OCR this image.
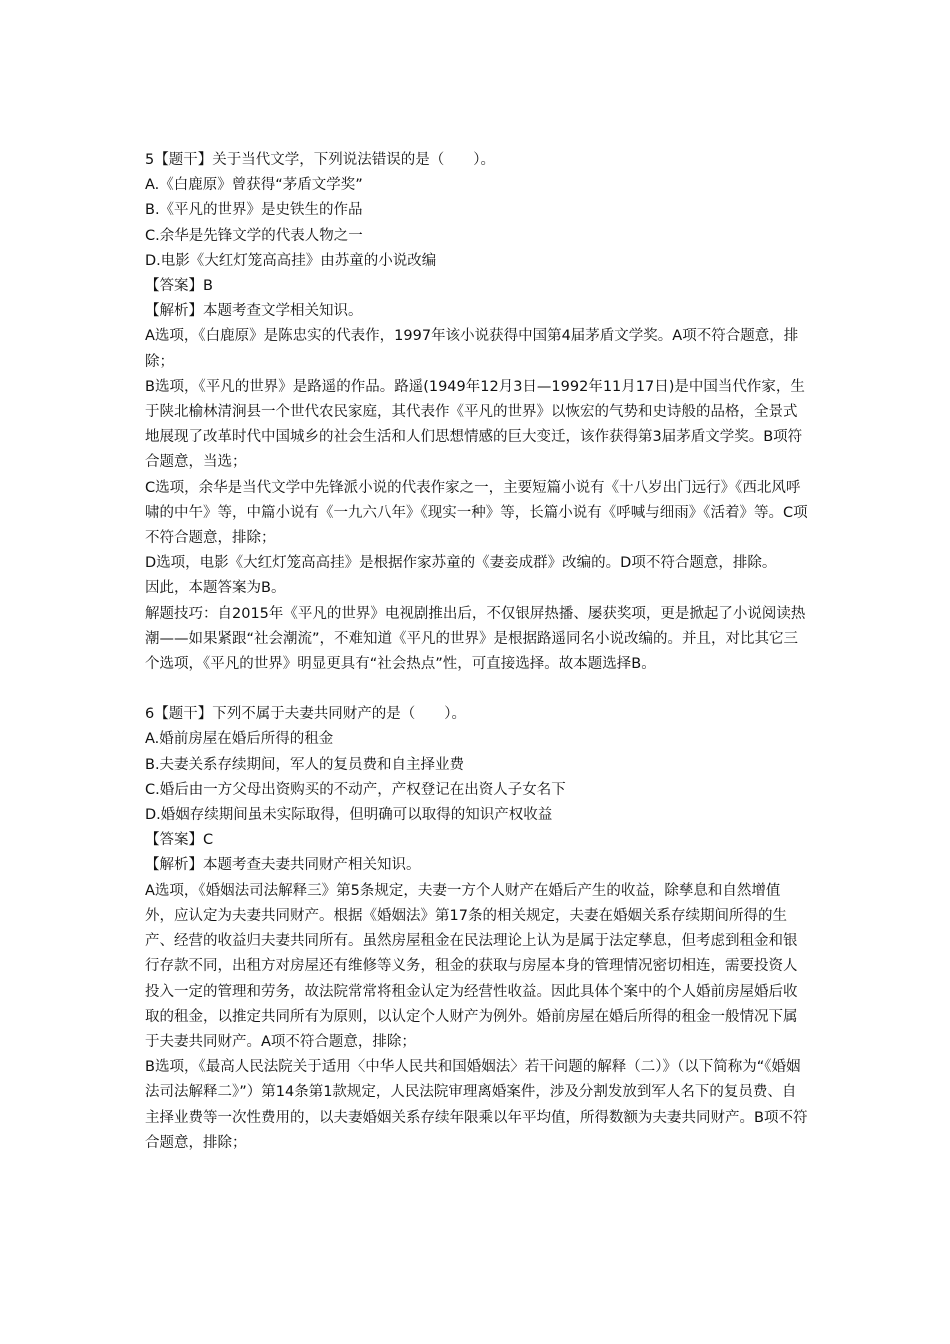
5【题干】关于当代文学，下列说法错误的是（　　）。

A.《白鹿原》曾获得“茅盾文学奖”

B.《平凡的世界》是史铁生的作品

C.余华是先锋文学的代表人物之一

D.电影《大红灯笼高高挂》由苏童的小说改编

【答案】B

【解析】本题考查文学相关知识。

A选项，《白鹿原》是陈忠实的代表作，1997年该小说获得中国第4届茅盾文学奖。A项不符合题意，排除；

B选项，《平凡的世界》是路遥的作品。路遥(1949年12月3日—1992年11月17日)是中国当代作家，生于陕北榆林清涧县一个世代农民家庭，其代表作《平凡的世界》以恢宏的气势和史诗般的品格，全景式地展现了改革时代中国城乡的社会生活和人们思想情感的巨大变迁，该作获得第3届茅盾文学奖。B项符合题意，当选；

C选项，余华是当代文学中先锋派小说的代表作家之一，主要短篇小说有《十八岁出门远行》《西北风呼啸的中午》等，中篇小说有《一九六八年》《现实一种》等，长篇小说有《呼喊与细雨》《活着》等。C项不符合题意，排除；

D选项，电影《大红灯笼高高挂》是根据作家苏童的《妻妾成群》改编的。D项不符合题意，排除。

因此，本题答案为B。

解题技巧：自2015年《平凡的世界》电视剧推出后，不仅银屏热播、屡获奖项，更是掀起了小说阅读热潮——如果紧跟“社会潮流”，不难知道《平凡的世界》是根据路遥同名小说改编的。并且，对比其它三个选项，《平凡的世界》明显更具有“社会热点”性，可直接选择。故本题选择B。

6【题干】下列不属于夫妻共同财产的是（　　）。

A.婚前房屋在婚后所得的租金

B.夫妻关系存续期间，军人的复员费和自主择业费

C.婚后由一方父母出资购买的不动产，产权登记在出资人子女名下

D.婚姻存续期间虽未实际取得，但明确可以取得的知识产权收益

【答案】C

【解析】本题考查夫妻共同财产相关知识。

A选项，《婚姻法司法解释三》第5条规定，夫妻一方个人财产在婚后产生的收益，除孳息和自然增值外，应认定为夫妻共同财产。根据《婚姻法》第17条的相关规定，夫妻在婚姻关系存续期间所得的生产、经营的收益归夫妻共同所有。虽然房屋租金在民法理论上认为是属于法定孳息，但考虑到租金和银行存款不同，出租方对房屋还有维修等义务，租金的获取与房屋本身的管理情况密切相连，需要投资人投入一定的管理和劳务，故法院常常将租金认定为经营性收益。因此具体个案中的个人婚前房屋婚后收取的租金，以推定共同所有为原则，以认定个人财产为例外。婚前房屋在婚后所得的租金一般情况下属于夫妻共同财产。A项不符合题意，排除；

B选项，《最高人民法院关于适用〈中华人民共和国婚姻法〉若干问题的解释（二）》（以下简称为“《婚姻法司法解释二》”）第14条第1款规定，人民法院审理离婚案件，涉及分割发放到军人名下的复员费、自主择业费等一次性费用的，以夫妻婚姻关系存续年限乘以年平均值，所得数额为夫妻共同财产。B项不符合题意，排除；
